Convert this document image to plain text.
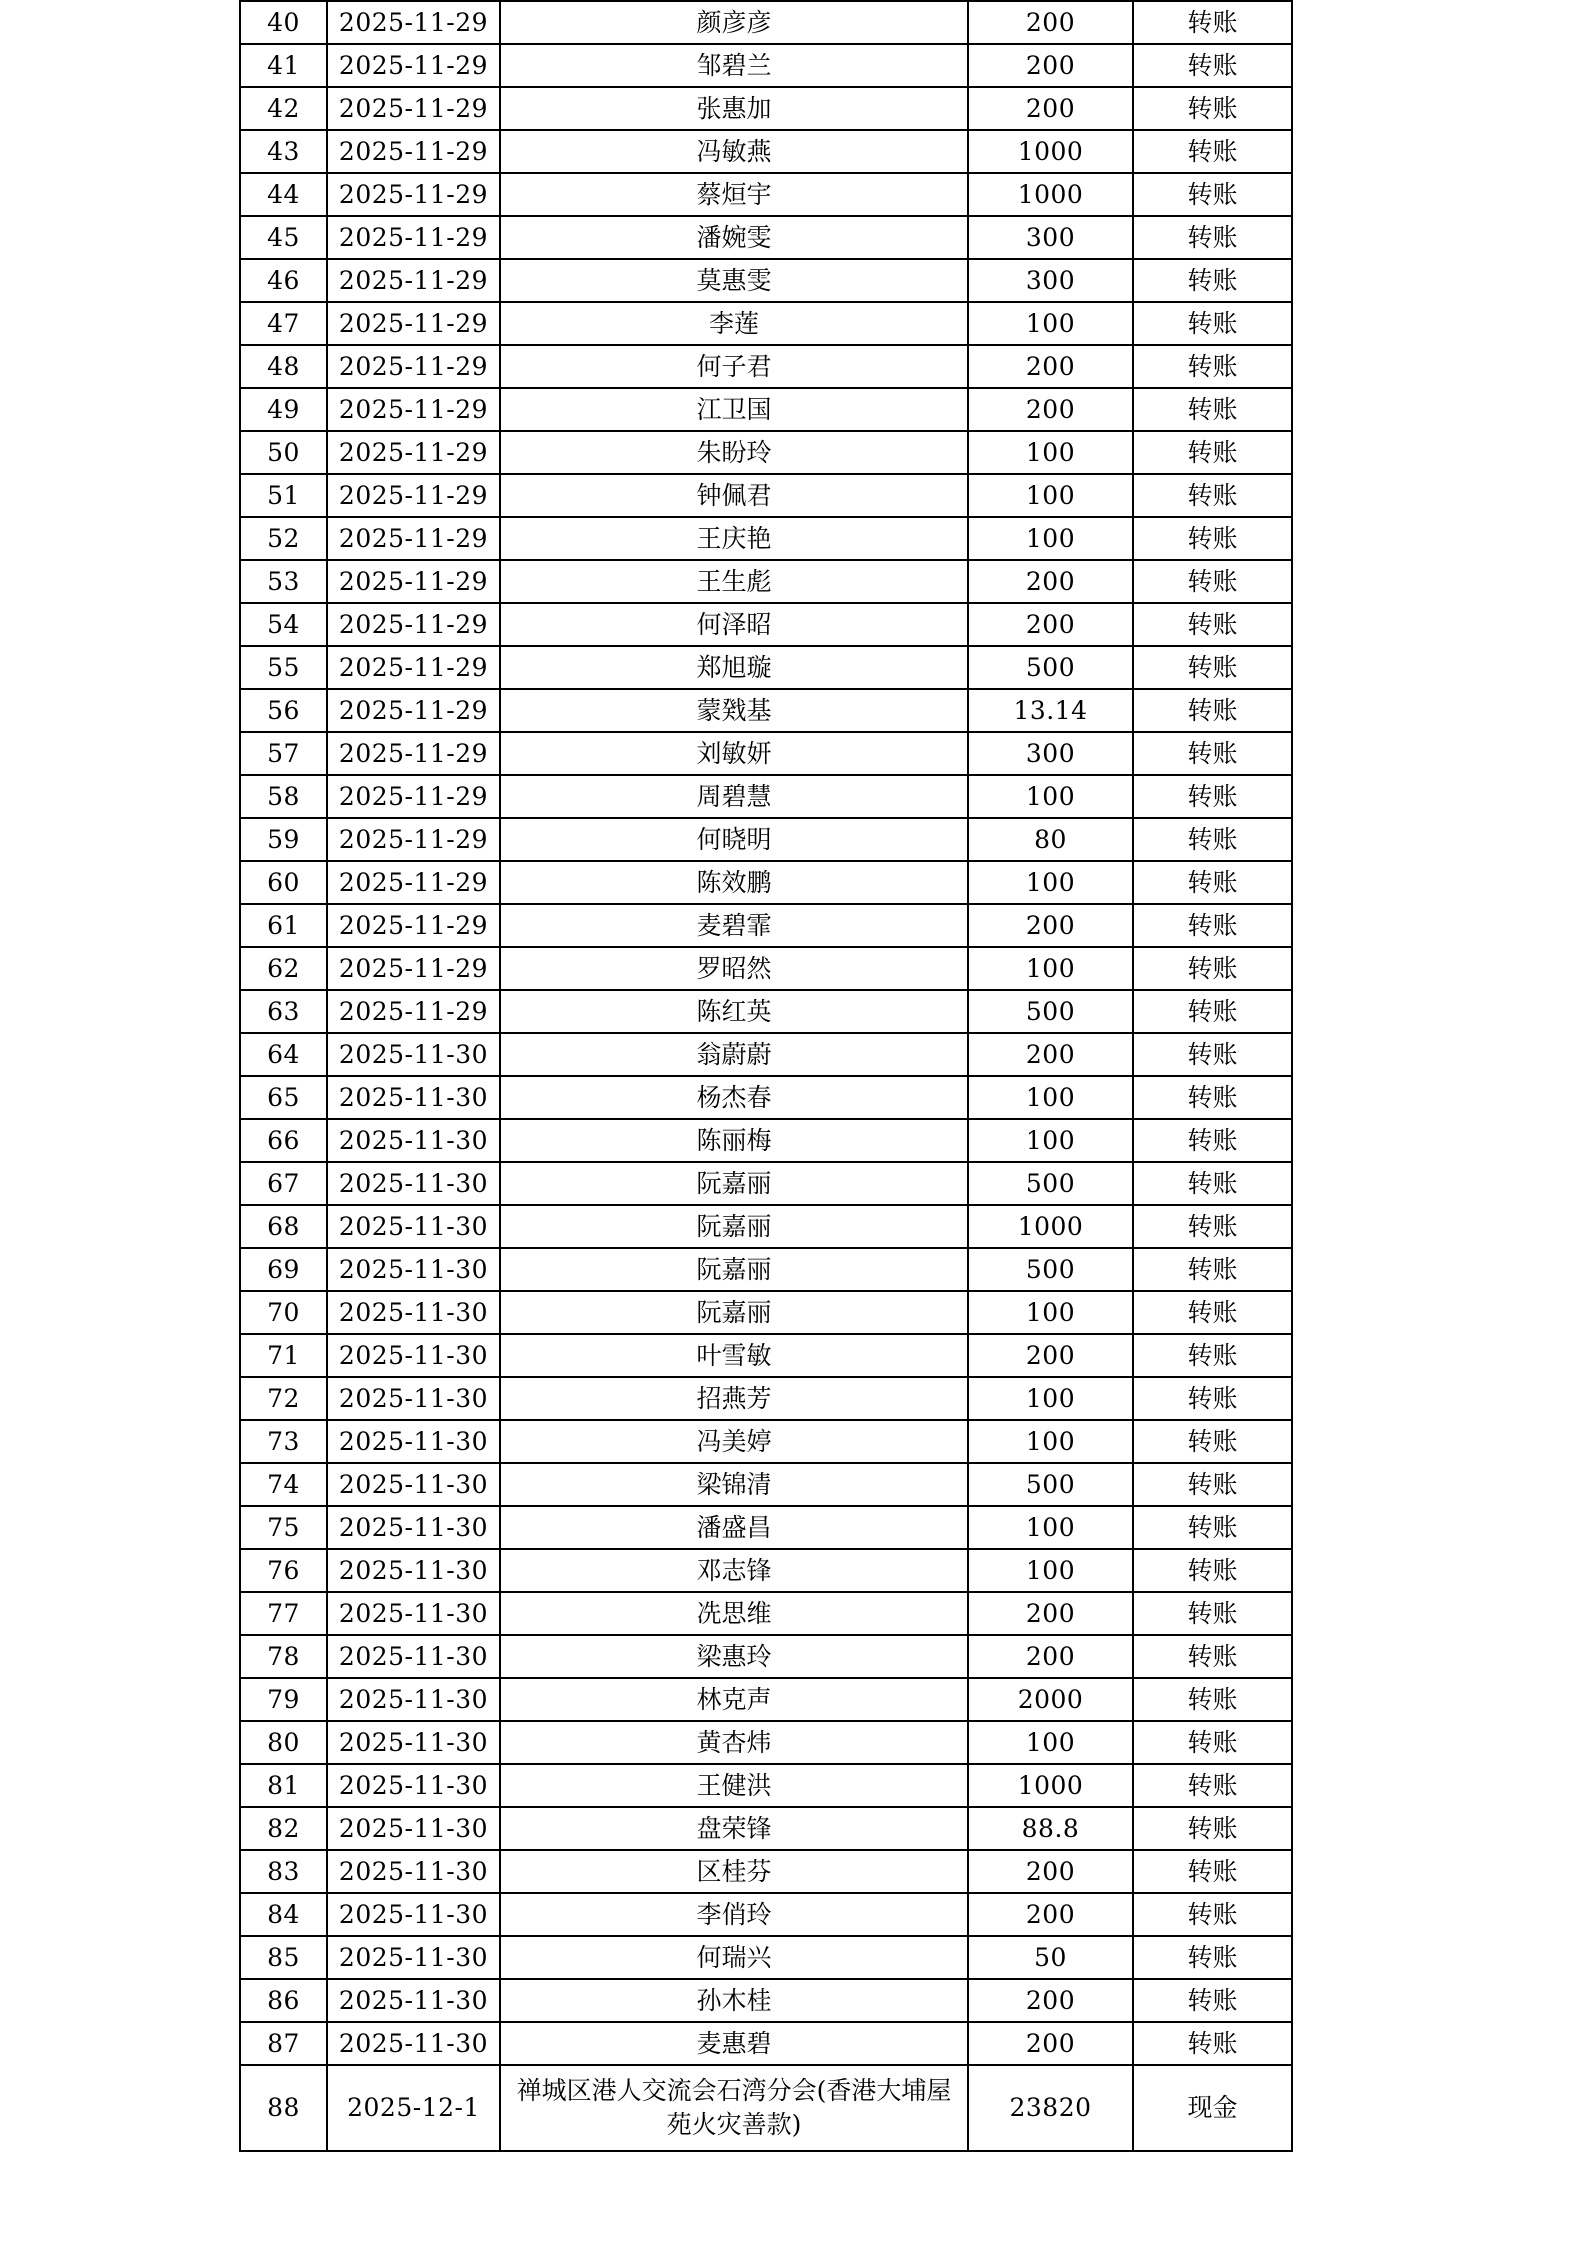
40	2025-11-29	颜彦彦	200	转账
41	2025-11-29	邹碧兰	200	转账
42	2025-11-29	张惠加	200	转账
43	2025-11-29	冯敏燕	1000	转账
44	2025-11-29	蔡烜宇	1000	转账
45	2025-11-29	潘婉雯	300	转账
46	2025-11-29	莫惠雯	300	转账
47	2025-11-29	李莲	100	转账
48	2025-11-29	何子君	200	转账
49	2025-11-29	江卫国	200	转账
50	2025-11-29	朱盼玲	100	转账
51	2025-11-29	钟佩君	100	转账
52	2025-11-29	王庆艳	100	转账
53	2025-11-29	王生彪	200	转账
54	2025-11-29	何泽昭	200	转账
55	2025-11-29	郑旭璇	500	转账
56	2025-11-29	蒙戣基	13.14	转账
57	2025-11-29	刘敏妍	300	转账
58	2025-11-29	周碧慧	100	转账
59	2025-11-29	何晓明	80	转账
60	2025-11-29	陈效鹏	100	转账
61	2025-11-29	麦碧霏	200	转账
62	2025-11-29	罗昭然	100	转账
63	2025-11-29	陈红英	500	转账
64	2025-11-30	翁蔚蔚	200	转账
65	2025-11-30	杨杰春	100	转账
66	2025-11-30	陈丽梅	100	转账
67	2025-11-30	阮嘉丽	500	转账
68	2025-11-30	阮嘉丽	1000	转账
69	2025-11-30	阮嘉丽	500	转账
70	2025-11-30	阮嘉丽	100	转账
71	2025-11-30	叶雪敏	200	转账
72	2025-11-30	招燕芳	100	转账
73	2025-11-30	冯美婷	100	转账
74	2025-11-30	梁锦清	500	转账
75	2025-11-30	潘盛昌	100	转账
76	2025-11-30	邓志锋	100	转账
77	2025-11-30	冼思维	200	转账
78	2025-11-30	梁惠玲	200	转账
79	2025-11-30	林克声	2000	转账
80	2025-11-30	黄杏炜	100	转账
81	2025-11-30	王健洪	1000	转账
82	2025-11-30	盘荣锋	88.8	转账
83	2025-11-30	区桂芬	200	转账
84	2025-11-30	李俏玲	200	转账
85	2025-11-30	何瑞兴	50	转账
86	2025-11-30	孙木桂	200	转账
87	2025-11-30	麦惠碧	200	转账
88	2025-12-1	禅城区港人交流会石湾分会(香港大埔屋苑火灾善款)	23820	现金
